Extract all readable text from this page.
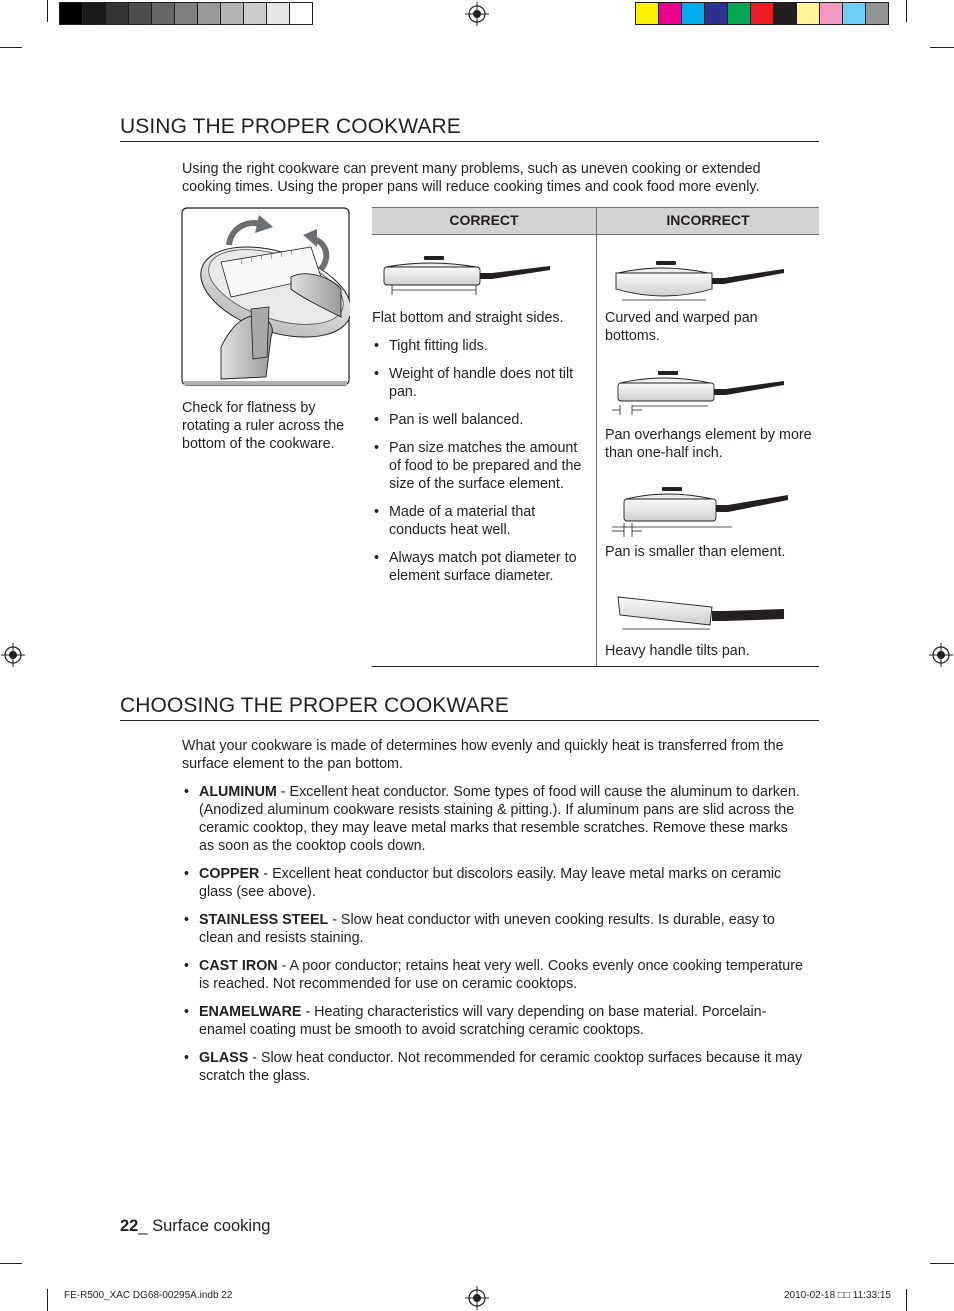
USING THE PROPER COOKWARE
Using the right cookware can prevent many problems, such as uneven cooking or extended cooking times. Using the proper pans will reduce cooking times and cook food more evenly.
Check for flatness by rotating a ruler across the bottom of the cookware.
CORRECT	INCORRECT
Flat bottom and straight sides.
• Tight fitting lids.
• Weight of handle does not tilt pan.
• Pan is well balanced.
• Pan size matches the amount of food to be prepared and the size of the surface element.
• Made of a material that conducts heat well.
• Always match pot diameter to element surface diameter.
Curved and warped pan bottoms.
Pan overhangs element by more than one-half inch.
Pan is smaller than element.
Heavy handle tilts pan.
CHOOSING THE PROPER COOKWARE
What your cookware is made of determines how evenly and quickly heat is transferred from the surface element to the pan bottom.
• ALUMINUM - Excellent heat conductor. Some types of food will cause the aluminum to darken. (Anodized aluminum cookware resists staining & pitting.). If aluminum pans are slid across the ceramic cooktop, they may leave metal marks that resemble scratches. Remove these marks as soon as the cooktop cools down.
• COPPER - Excellent heat conductor but discolors easily. May leave metal marks on ceramic glass (see above).
• STAINLESS STEEL - Slow heat conductor with uneven cooking results. Is durable, easy to clean and resists staining.
• CAST IRON - A poor conductor; retains heat very well. Cooks evenly once cooking temperature is reached. Not recommended for use on ceramic cooktops.
• ENAMELWARE - Heating characteristics will vary depending on base material. Porcelain-enamel coating must be smooth to avoid scratching ceramic cooktops.
• GLASS - Slow heat conductor. Not recommended for ceramic cooktop surfaces because it may scratch the glass.
22_ Surface cooking
FE-R500_XAC DG68-00295A.indb 22	2010-02-18 □□ 11:33:15
